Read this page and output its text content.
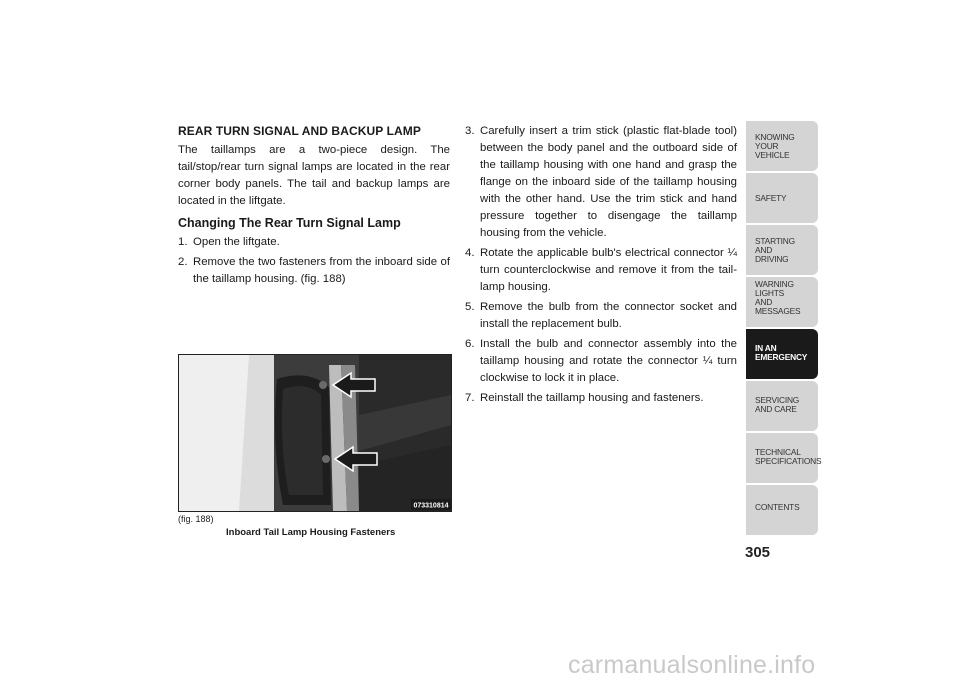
REAR TURN SIGNAL AND BACKUP LAMP

The taillamps are a two-piece design. The tail/stop/rear turn signal lamps are located in the rear corner body panels. The tail and backup lamps are located in the liftgate.

Changing The Rear Turn Signal Lamp
1. Open the liftgate.
2. Remove the two fasteners from the inboard side of the taillamp housing. (fig. 188)
073310814
(fig. 188)
Inboard Tail Lamp Housing Fasteners
3. Carefully insert a trim stick (plastic flat-blade tool) between the body panel and the outboard side of the taillamp housing with one hand and grasp the flange on the inboard side of the taillamp housing with the other hand. Use the trim stick and hand pressure together to disengage the taillamp housing from the vehicle.
4. Rotate the applicable bulb's electrical connector ¼ turn counterclockwise and remove it from the tail-lamp housing.
5. Remove the bulb from the connector socket and install the replacement bulb.
6. Install the bulb and connector assembly into the taillamp housing and rotate the connector ¼ turn clockwise to lock it in place.
7. Reinstall the taillamp housing and fasteners.
KNOWING
YOUR
VEHICLE
SAFETY
STARTING
AND
DRIVING
WARNING
LIGHTS
AND
MESSAGES
IN AN
EMERGENCY
SERVICING
AND CARE
TECHNICAL
SPECIFICATIONS
CONTENTS
305
carmanualsonline.info
